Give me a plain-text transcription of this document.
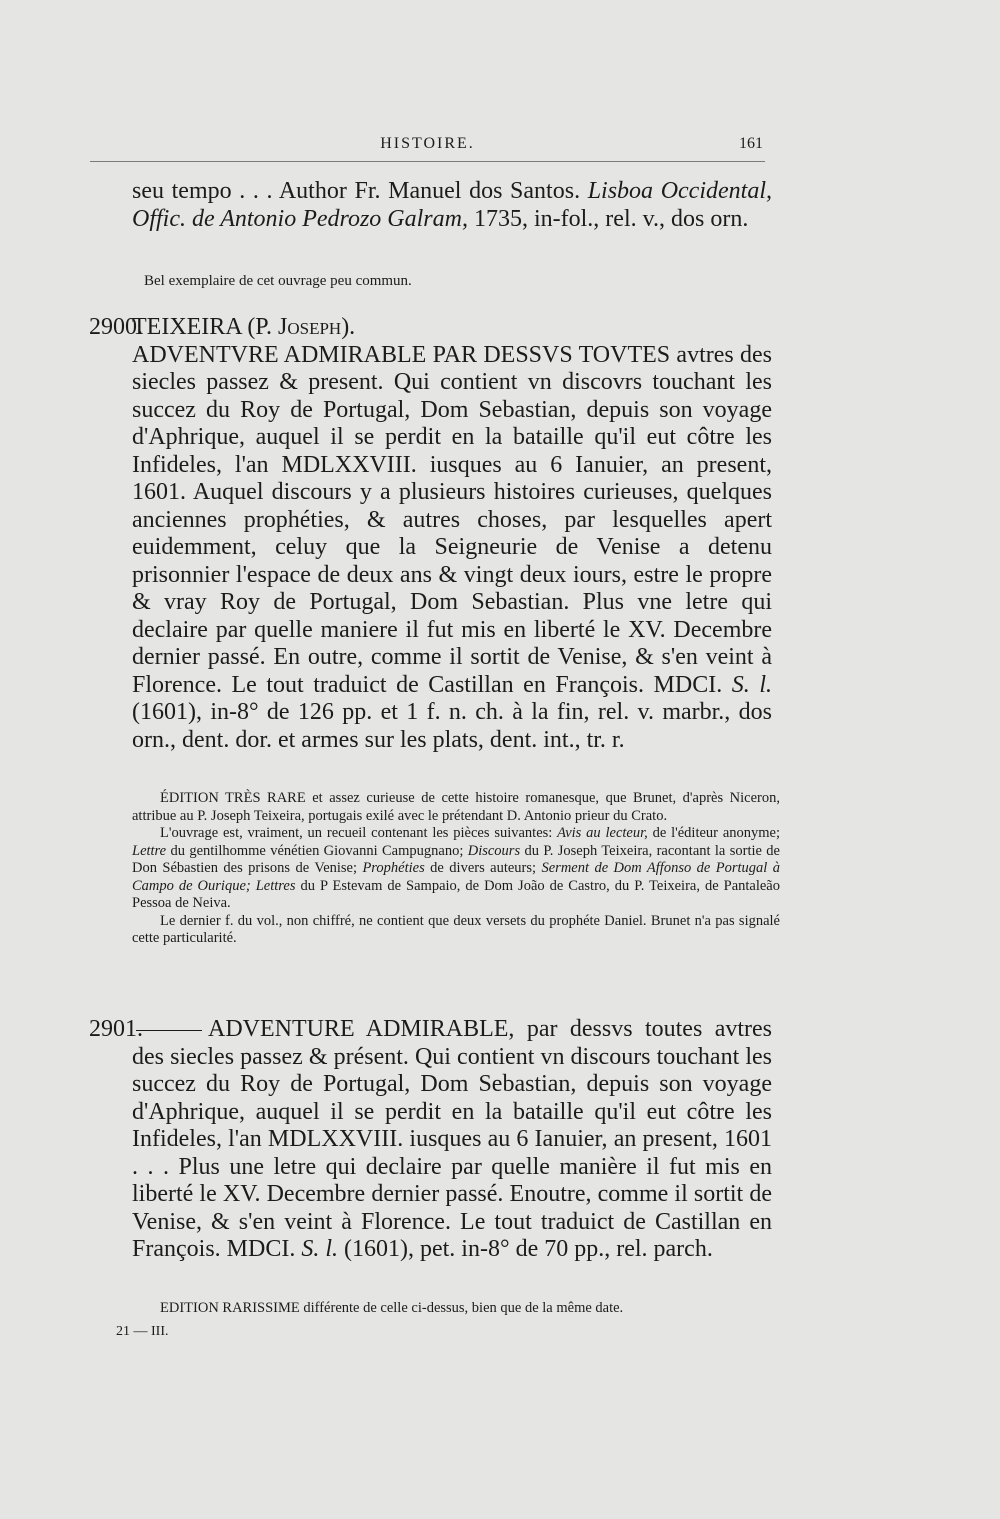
HISTOIRE.	161
seu tempo . . . Author Fr. Manuel dos Santos. Lisboa Occidental, Offic. de Antonio Pedrozo Galram, 1735, in-fol., rel. v., dos orn.
Bel exemplaire de cet ouvrage peu commun.
2900.TEIXEIRA (P. Joseph).
ADVENTVRE ADMIRABLE PAR DESSVS TOVTES avtres des siecles passez & present. Qui contient vn discovrs touchant les succez du Roy de Portugal, Dom Sebastian, depuis son voyage d'Aphrique, auquel il se perdit en la bataille qu'il eut côtre les Infideles, l'an MDLXXVIII. iusques au 6 Ianuier, an present, 1601. Auquel discours y a plusieurs histoires curieuses, quelques anciennes prophéties, & autres choses, par lesquelles apert euidemment, celuy que la Seigneurie de Venise a detenu prisonnier l'espace de deux ans & vingt deux iours, estre le propre & vray Roy de Portugal, Dom Sebastian. Plus vne letre qui declaire par quelle maniere il fut mis en liberté le XV. Decembre dernier passé. En outre, comme il sortit de Venise, & s'en veint à Florence. Le tout traduict de Castillan en François. MDCI. S. l. (1601), in-8° de 126 pp. et 1 f. n. ch. à la fin, rel. v. marbr., dos orn., dent. dor. et armes sur les plats, dent. int., tr. r.

ÉDITION TRÈS RARE et assez curieuse de cette histoire romanesque, que Brunet, d'après Niceron, attribue au P. Joseph Teixeira, portugais exilé avec le prétendant D. Antonio prieur du Crato.

L'ouvrage est, vraiment, un recueil contenant les pièces suivantes: Avis au lecteur, de l'éditeur anonyme; Lettre du gentilhomme vénétien Giovanni Campugnano; Discours du P. Joseph Teixeira, racontant la sortie de Don Sébastien des prisons de Venise; Prophéties de divers auteurs; Serment de Dom Affonso de Portugal à Campo de Ourique; Lettres du P Estevam de Sampaio, de Dom João de Castro, du P. Teixeira, de Pantaleão Pessoa de Neiva.

Le dernier f. du vol., non chiffré, ne contient que deux versets du prophéte Daniel. Brunet n'a pas signalé cette particularité.

2901.	ADVENTURE ADMIRABLE, par dessvs toutes avtres des siecles passez & présent. Qui contient vn discours touchant les succez du Roy de Portugal, Dom Sebastian, depuis son voyage d'Aphrique, auquel il se perdit en la bataille qu'il eut côtre les Infideles, l'an MDLXXVIII. iusques au 6 Ianuier, an present, 1601 . . . Plus une letre qui declaire par quelle manière il fut mis en liberté le XV. Decembre dernier passé. Enoutre, comme il sortit de Venise, & s'en veint à Florence. Le tout traduict de Castillan en François. MDCI. S. l. (1601), pet. in-8° de 70 pp., rel. parch.

EDITION RARISSIME différente de celle ci-dessus, bien que de la même date.

21 — III.
